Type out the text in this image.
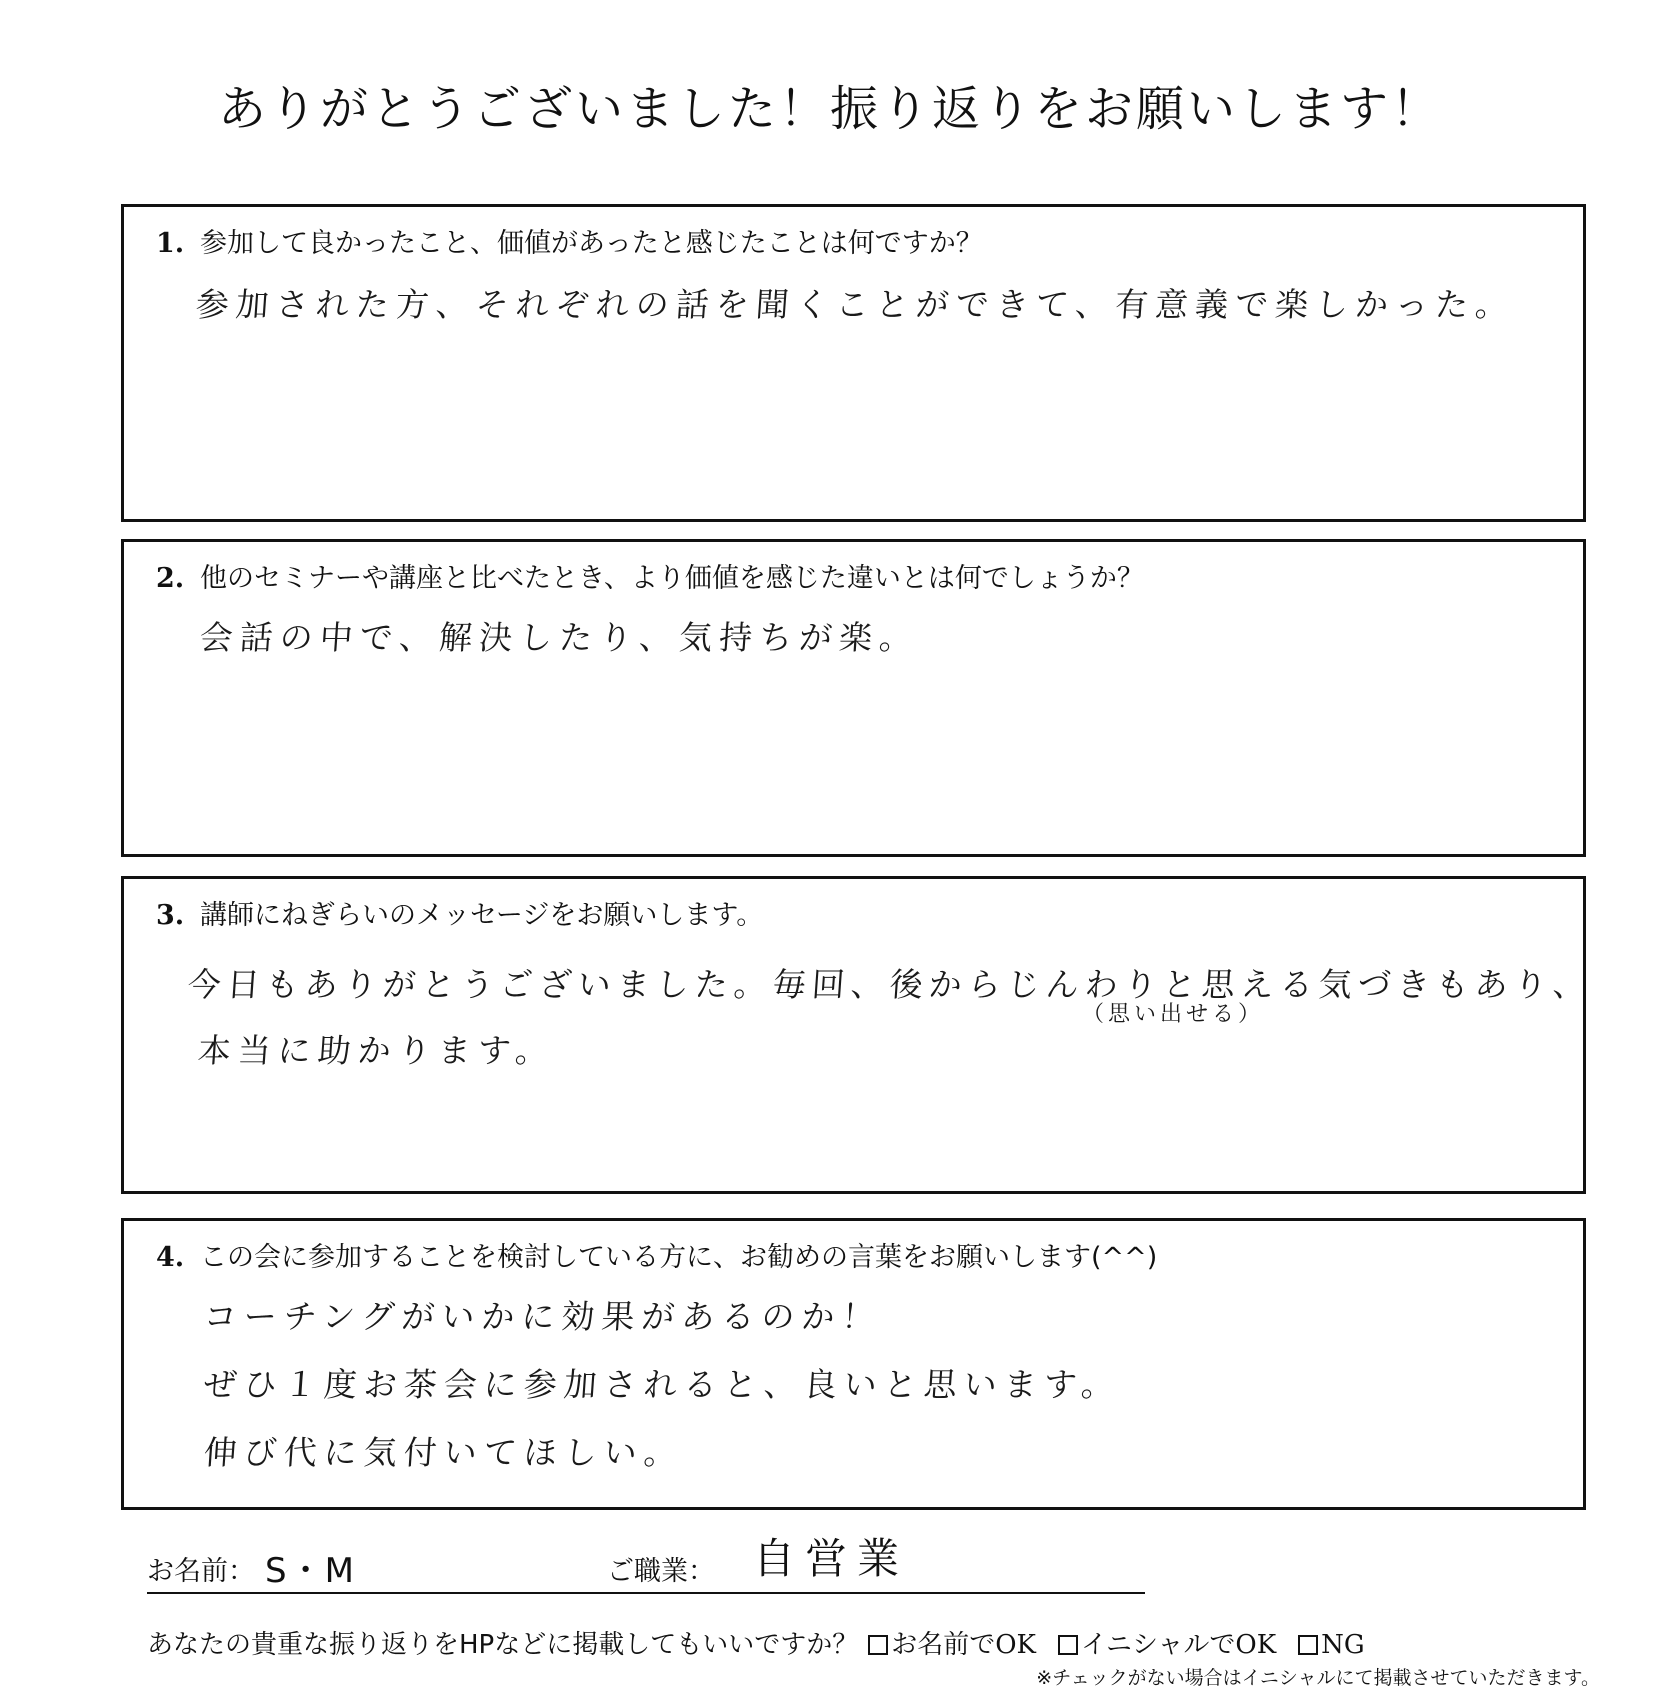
ありがとうございました！振り返りをお願いします！
1. 参加して良かったこと、価値があったと感じたことは何ですか？
参加された方、それぞれの話を聞くことができて、有意義で楽しかった。
2. 他のセミナーや講座と比べたとき、より価値を感じた違いとは何でしょうか？
会話の中で、解決したり、気持ちが楽。
3. 講師にねぎらいのメッセージをお願いします。
今日もありがとうございました。毎回、後からじんわりと思える気づきもあり、
（思い出せる）
本当に助かります。
4. この会に参加することを検討している方に、お勧めの言葉をお願いします(^^)
コーチングがいかに効果があるのか！
ぜひ１度お茶会に参加されると、良いと思います。
伸び代に気付いてほしい。
お名前： S・M	ご職業： 自営業
あなたの貴重な振り返りをHPなどに掲載してもいいですか？ お名前でOK イニシャルでOK NG
※チェックがない場合はイニシャルにて掲載させていただきます。
